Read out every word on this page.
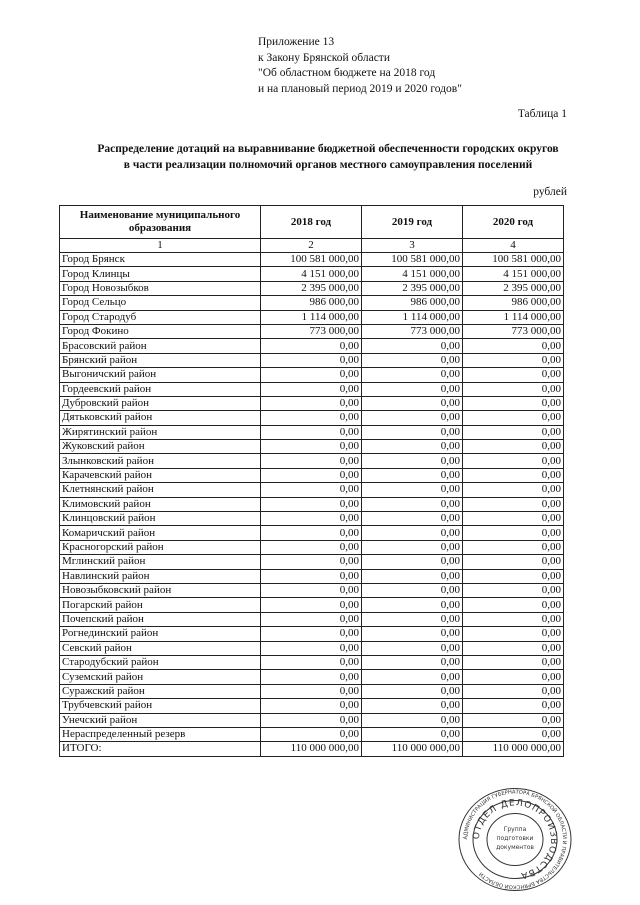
Приложение 13
к Закону Брянской области
"Об областном бюджете на 2018 год
и на плановый период 2019 и 2020 годов"
Таблица 1
Распределение дотаций на выравнивание бюджетной обеспеченности городских округов
в части реализации полномочий органов местного самоуправления поселений
рублей
Наименование муниципального образования	2018 год	2019 год	2020 год
1	2	3	4
Город Брянск	100 581 000,00	100 581 000,00	100 581 000,00
Город Клинцы	4 151 000,00	4 151 000,00	4 151 000,00
Город Новозыбков	2 395 000,00	2 395 000,00	2 395 000,00
Город Сельцо	986 000,00	986 000,00	986 000,00
Город Стародуб	1 114 000,00	1 114 000,00	1 114 000,00
Город Фокино	773 000,00	773 000,00	773 000,00
Брасовский район	0,00	0,00	0,00
Брянский район	0,00	0,00	0,00
Выгоничский район	0,00	0,00	0,00
Гордеевский район	0,00	0,00	0,00
Дубровский район	0,00	0,00	0,00
Дятьковский район	0,00	0,00	0,00
Жирятинский район	0,00	0,00	0,00
Жуковский район	0,00	0,00	0,00
Злынковский район	0,00	0,00	0,00
Карачевский район	0,00	0,00	0,00
Клетнянский район	0,00	0,00	0,00
Климовский район	0,00	0,00	0,00
Клинцовский район	0,00	0,00	0,00
Комаричский район	0,00	0,00	0,00
Красногорский район	0,00	0,00	0,00
Мглинский район	0,00	0,00	0,00
Навлинский район	0,00	0,00	0,00
Новозыбковский район	0,00	0,00	0,00
Погарский район	0,00	0,00	0,00
Почепский район	0,00	0,00	0,00
Рогнединский район	0,00	0,00	0,00
Севский район	0,00	0,00	0,00
Стародубский район	0,00	0,00	0,00
Суземский район	0,00	0,00	0,00
Суражский район	0,00	0,00	0,00
Трубчевский район	0,00	0,00	0,00
Унечский район	0,00	0,00	0,00
Нераспределенный резерв	0,00	0,00	0,00
ИТОГО:	110 000 000,00	110 000 000,00	110 000 000,00
АДМИНИСТРАЦИЯ ГУБЕРНАТОРА БРЯНСКОЙ ОБЛАСТИ И ПРАВИТЕЛЬСТВА БРЯНСКОЙ ОБЛАСТИ
ОТДЕЛ ДЕЛОПРОИЗВОДСТВА
Группа
подготовки
документов
